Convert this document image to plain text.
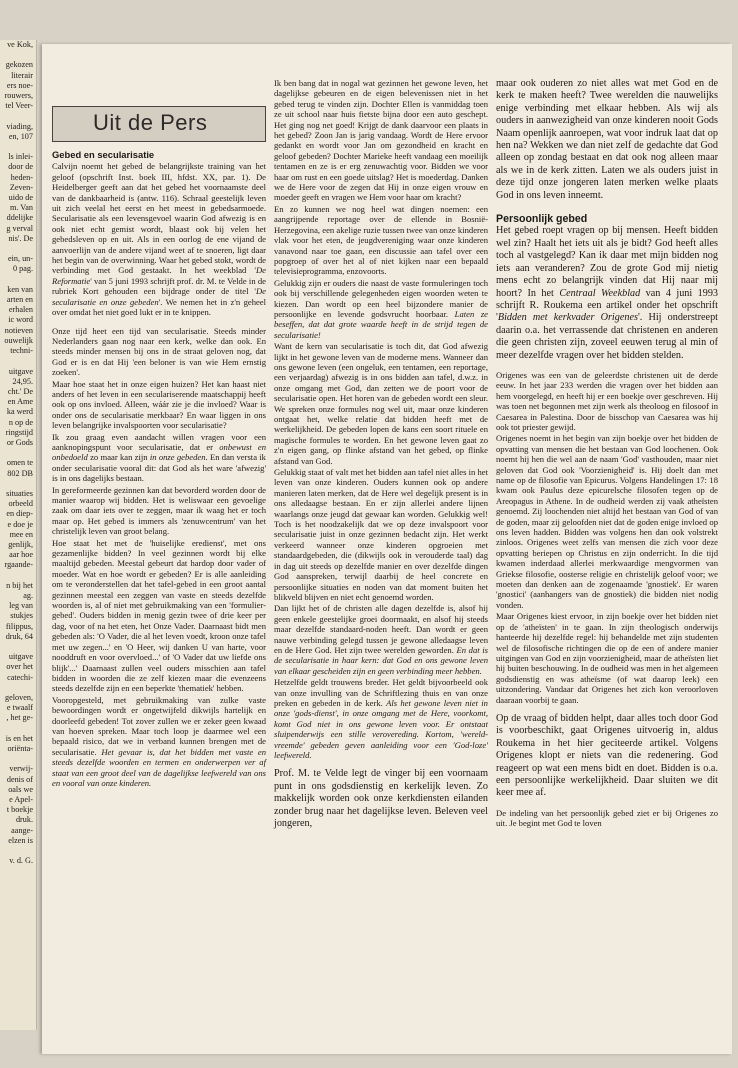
ve Kok,

gekozen

literair

ers noe-

rouwers,

tel Veer-

viading,

en, 107

ls inlei-

door de

heden-

Zeven-

uido de

m. Van

ddelijke

g verval

nis'. De

ein, un-

0 pag.

ken van

arten en

erhalen

ic word

notieven

ouwelijk

techni-

uitgave

24,95.

cht.' De

en Ame

ka werd

n op de

ringstijd

or Gods

omen te

802 DB

situaties

orbeeld

en diep-

e doe je

mee en

genlijk,

aar hoe

rgaande-

n bij het

ag.

leg van

stukjes

filippus,

druk, 64

uitgave

over het

catechi-

geloven,

e twaalf

, het ge-

is en het

oriënta-

verwij-

denis of

oals we

e Apel-

t boekje

druk.

aange-

elzen is

v. d. G.

Uit de Pers
Gebed en secularisatie

Calvijn noemt het gebed de belangrijkste training van het geloof (opschrift Inst. boek III, hfdst. XX, par. 1). De Heidelberger geeft aan dat het gebed het voornaamste deel van de dankbaarheid is (antw. 116). Schraal geestelijk leven uit zich veelal het eerst en het meest in gebedsarmoede. Secularisatie als een levensgevoel waarin God afwezig is en ook niet echt gemist wordt, blaast ook bij velen het gebedsleven op en uit. Als in een oorlog de ene vijand de aanvoerlijn van de andere vijand weet af te snoeren, ligt daar het begin van de overwinning. Waar het gebed stokt, wordt de verbinding met God gestaakt. In het weekblad 'De Reformatie' van 5 juni 1993 schrijft prof. dr. M. te Velde in de rubriek Kort gehouden een bijdrage onder de titel 'De secularisatie en onze gebeden'. We nemen het in z'n geheel over omdat het niet goed lukt er in te knippen.

Onze tijd heet een tijd van secularisatie. Steeds minder Nederlanders gaan nog naar een kerk, welke dan ook. En steeds minder mensen bij ons in de straat geloven nog, dat God er is en dat Hij 'een beloner is van wie Hem ernstig zoeken'.

Maar hoe staat het in onze eigen huizen? Het kan haast niet anders of het leven in een seculariserende maatschappij heeft ook op ons invloed. Alleen, wáár zie je die invloed? Waar is onder ons de secularisatie merkbaar? En waar liggen in ons leven belangrijke invalspoorten voor secularisatie?

Ik zou graag even aandacht willen vragen voor een aanknopingspunt voor secularisatie, dat er onbewust en onbedoeld zo maar kan zijn in onze gebeden. En dan versta ik onder secularisatie vooral dit: dat God als het ware 'afwezig' is in ons dagelijks bestaan.

In gereformeerde gezinnen kan dat bevorderd worden door de manier waarop wij bidden. Het is weliswaar een gevoelige zaak om daar iets over te zeggen, maar ik waag het er toch maar op. Het gebed is immers als 'zenuwcentrum' van het christelijk leven van groot belang.

Hoe staat het met de 'huiselijke eredienst', met ons gezamenlijke bidden? In veel gezinnen wordt bij elke maaltijd gebeden. Meestal gebeurt dat hardop door vader of moeder. Wat en hoe wordt er gebeden? Er is alle aanleiding om te veronderstellen dat het tafel-gebed in een groot aantal gezinnen meestal een zeggen van vaste en steeds dezelfde woorden is, al of niet met gebruikmaking van een 'formulier-gebed'. Ouders bidden in menig gezin twee of drie keer per dag, voor of na het eten, het Onze Vader. Daarnaast bidt men gebeden als: 'O Vader, die al het leven voedt, kroon onze tafel met uw zegen...' en 'O Heer, wij danken U van harte, voor nooddruft en voor overvloed...' of 'O Vader dat uw liefde ons blijk'...' Daarnaast zullen veel ouders misschien aan tafel bidden in woorden die ze zelf kiezen maar die evenzeens steeds dezelfde zijn en een beperkte 'thematiek' hebben.

Vooropgesteld, met gebruikmaking van zulke vaste bewoordingen wordt er ongetwijfeld dikwijls hartelijk en doorleefd gebeden! Tot zover zullen we er zeker geen kwaad van hoeven spreken. Maar toch loop je daarmee wel een bepaald risico, dat we in verband kunnen brengen met de secularisatie. Het gevaar is, dat het bidden met vaste en steeds dezelfde woorden en termen en onderwerpen ver af staat van een groot deel van de dagelijkse leefwereld van ons en vooral van onze kinderen.

Ik ben bang dat in nogal wat gezinnen het gewone leven, het dagelijkse gebeuren en de eigen belevenissen niet in het gebed terug te vinden zijn. Dochter Ellen is vanmiddag toen ze uit school naar huis fietste bijna door een auto geschept. Het ging nog net goed! Krijgt de dank daarvoor een plaats in het gebed? Zoon Jan is jarig vandaag. Wordt de Here ervoor gedankt en wordt voor Jan om gezondheid en kracht en geloof gebeden? Dochter Marieke heeft vandaag een moeilijk tentamen en ze is er erg zenuwachtig voor. Bidden we voor haar om rust en een goede uitslag? Het is moederdag. Danken we de Here voor de zegen dat Hij in onze eigen vrouw en moeder geeft en vragen we Hem voor haar om kracht?

En zo kunnen we nog heel wat dingen noemen: een aangrijpende reportage over de ellende in Bosnië-Herzegovina, een akelige ruzie tussen twee van onze kinderen vlak voor het eten, de jeugdvereniging waar onze kinderen vanavond naar toe gaan, een discussie aan tafel over een popgroep of over het al of niet kijken naar een bepaald televisieprogramma, enzovoorts.

Gelukkig zijn er ouders die naast de vaste formuleringen toch ook bij verschillende gelegenheden eigen woorden weten te kiezen. Dan wordt op een heel bijzondere manier de persoonlijke en levende godsvrucht hoorbaar. Laten ze beseffen, dat dat grote waarde heeft in de strijd tegen de secularisatie!

Want de kern van secularisatie is toch dit, dat God afwezig lijkt in het gewone leven van de moderne mens. Wanneer dan ons gewone leven (een ongeluk, een tentamen, een reportage, een verjaardag) afwezig is in ons bidden aan tafel, d.w.z. in onze omgang met God, dan zetten we de poort voor de secularisatie open. Het horen van de gebeden wordt een sleur. We spreken onze formules nog wel uit, maar onze kinderen ontgaat het, welke relatie dat bidden heeft met de werkelijkheid. De gebeden lopen de kans een soort rituele en magische formules te worden. En het gewone leven gaat zo z'n eigen gang, op flinke afstand van het gebed, op flinke afstand van God.

Gelukkig staat of valt met het bidden aan tafel niet alles in het leven van onze kinderen. Ouders kunnen ook op andere manieren laten merken, dat de Here wel degelijk present is in ons alledaagse bestaan. En er zijn allerlei andere lijnen waarlangs onze jeugd dat gewaar kan worden. Gelukkig wel! Toch is het noodzakelijk dat we op deze invalspoort voor secularisatie juist in onze gezinnen bedacht zijn. Het werkt verkeerd wanneer onze kinderen opgroeien met standaardgebeden, die (dikwijls ook in verouderde taal) dag in dag uit steeds op dezelfde manier en over dezelfde dingen God aanspreken, terwijl daarbij de heel concrete en persoonlijke situaties en noden van dat moment buiten het blikveld blijven en niet echt genoemd worden.

Dan lijkt het of de christen alle dagen dezelfde is, alsof hij geen enkele geestelijke groei doormaakt, en alsof hij steeds maar dezelfde standaard-noden heeft. Dan wordt er geen nauwe verbinding gelegd tussen je gewone alledaagse leven en de Here God. Het zijn twee werelden geworden. En dat is de secularisatie in haar kern: dat God en ons gewone leven van elkaar gescheiden zijn en geen verbinding meer hebben.

Hetzelfde geldt trouwens breder. Het geldt bijvoorbeeld ook van onze invulling van de Schriftlezing thuis en van onze preken en gebeden in de kerk. Als het gewone leven niet in onze 'gods-dienst', in onze omgang met de Here, voorkomt, komt God niet in ons gewone leven voor. Er ontstaat sluipenderwijs een stille verovereding. Kortom, 'wereld-vreemde' gebeden geven aanleiding voor een 'God-loze' leefwereld.

Prof. M. te Velde legt de vinger bij een voornaam punt in ons godsdienstig en kerkelijk leven. Zo makkelijk worden ook onze kerkdiensten eilanden zonder brug naar het dagelijkse leven. Beleven veel jongeren,

maar ook ouderen zo niet alles wat met God en de kerk te maken heeft? Twee werelden die nauwelijks enige verbinding met elkaar hebben. Als wij als ouders in aanwezigheid van onze kinderen nooit Gods Naam openlijk aanroepen, wat voor indruk laat dat op hen na? Wekken we dan niet zelf de gedachte dat God alleen op zondag bestaat en dat ook nog alleen maar als we in de kerk zitten. Laten we als ouders juist in deze tijd onze jongeren laten merken welke plaats God in ons leven inneemt.

Persoonlijk gebed

Het gebed roept vragen op bij mensen. Heeft bidden wel zin? Haalt het iets uit als je bidt? God heeft alles toch al vastgelegd? Kan ik daar met mijn bidden nog iets aan veranderen? Zou de grote God mij nietig mens echt zo belangrijk vinden dat Hij naar mij hoort? In het Centraal Weekblad van 4 juni 1993 schrijft R. Roukema een artikel onder het opschrift 'Bidden met kerkvader Origenes'. Hij onderstreept daarin o.a. het verrassende dat christenen en anderen die geen christen zijn, zoveel eeuwen terug al min of meer dezelfde vragen over het bidden stelden.

Origenes was een van de geleerdste christenen uit de derde eeuw. In het jaar 233 werden die vragen over het bidden aan hem voorgelegd, en heeft hij er een boekje over geschreven. Hij was toen net begonnen met zijn werk als theoloog en filosoof in Caesarea in Palestina. Door de bisschop van Caesarea was hij ook tot priester gewijd.

Origenes noemt in het begin van zijn boekje over het bidden de opvatting van mensen die het bestaan van God loochenen. Ook noemt hij hen die wel aan de naam 'God' vasthouden, maar niet geloven dat God ook 'Voorzienigheid' is. Hij doelt dan met name op de filosofie van Epicurus. Volgens Handelingen 17: 18 kwam ook Paulus deze epicurelsche filosofen tegen op de Areopagus in Athene. In de oudheid werden zij vaak atheïsten genoemd. Zij loochenden niet altijd het bestaan van God of van de goden, maar zij geloofden niet dat de goden enige invloed op ons leven hadden. Bidden was volgens hen dan ook volstrekt zinloos. Origenes weet zelfs van mensen die zich voor deze opvatting beriepen op Christus en zijn onderricht. In die tijd kwamen inderdaad allerlei merkwaardige mengvormen van Griekse filosofie, oosterse religie en christelijk geloof voor; we moeten dan denken aan de zogenaamde 'gnostiek'. Er waren 'gnostici' (aanhangers van de gnostiek) die bidden niet nodig vonden.

Maar Origenes kiest ervoor, in zijn boekje over het bidden niet op de 'atheïsten' in te gaan. In zijn theologisch onderwijs hanteerde hij dezelfde regel: hij behandelde met zijn studenten wel de filosofische richtingen die op de een of andere manier uitgingen van God en zijn voorzienigheid, maar de atheïsten liet hij buiten beschouwing. In de oudheid was men in het algemeen godsdienstig en was atheïsme (of wat daarop leek) een uitzondering. Vandaar dat Origenes het zich kon veroorloven daaraan voorbij te gaan.

Op de vraag of bidden helpt, daar alles toch door God is voorbeschikt, gaat Origenes uitvoerig in, aldus Roukema in het hier geciteerde artikel. Volgens Origenes klopt er niets van die redenering. God reageert op wat een mens bidt en doet. Bidden is o.a. een persoonlijke werkelijkheid. Daar sluiten we dit keer mee af.

De indeling van het persoonlijk gebed ziet er bij Origenes zo uit. Je begint met God te loven
